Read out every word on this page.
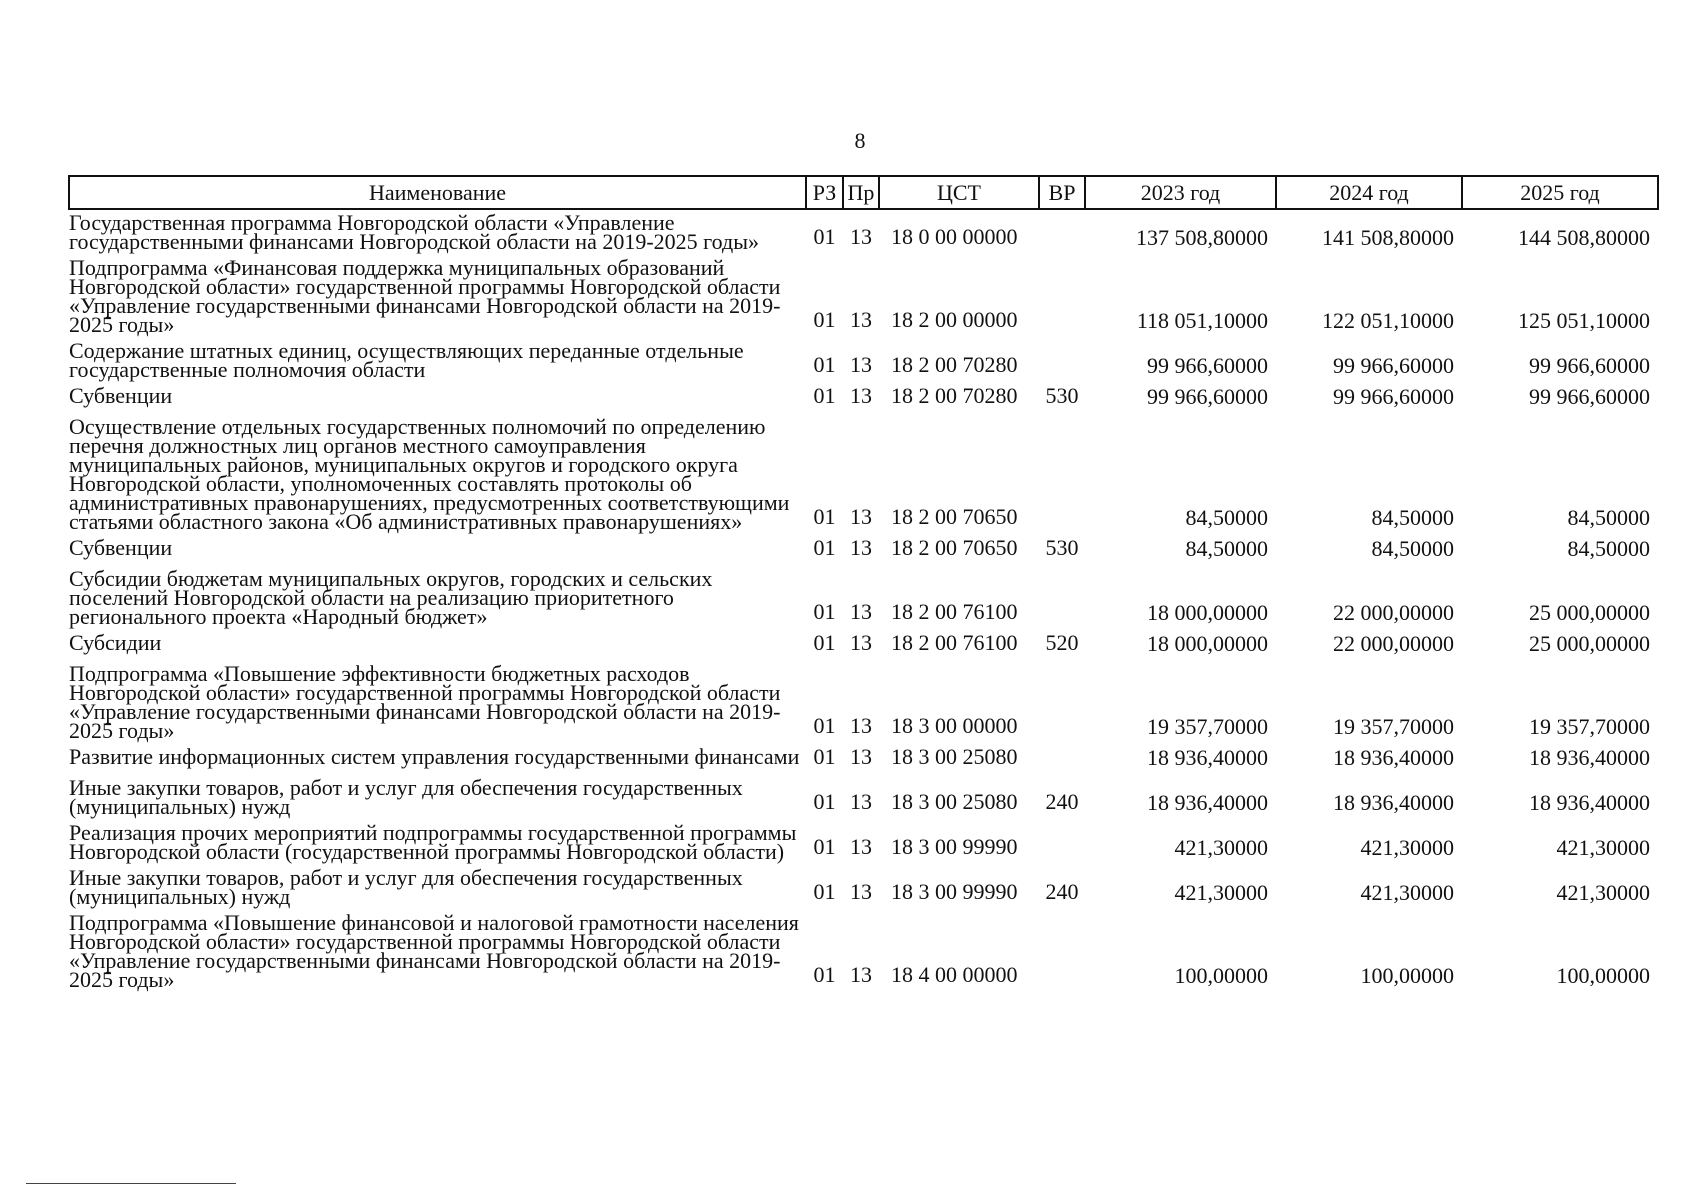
8
Наименование	РЗ	Пр	ЦСТ	ВР	2023 год	2024 год	2025 год
Государственная программа Новгородской области «Управление государственными финансами Новгородской области на 2019-2025 годы»	01	13	18 0 00 00000		137 508,80000	141 508,80000	144 508,80000
Подпрограмма «Финансовая поддержка муниципальных образований Новгородской области» государственной программы Новгородской области «Управление государственными финансами Новгородской области на 2019-2025 годы»	01	13	18 2 00 00000		118 051,10000	122 051,10000	125 051,10000
Содержание штатных единиц, осуществляющих переданные отдельные государственные полномочия области	01	13	18 2 00 70280		99 966,60000	99 966,60000	99 966,60000
Субвенции	01	13	18 2 00 70280	530	99 966,60000	99 966,60000	99 966,60000
Осуществление отдельных государственных полномочий по определению перечня должностных лиц органов местного самоуправления муниципальных районов, муниципальных округов и городского округа Новгородской области, уполномоченных составлять протоколы об административных правонарушениях, предусмотренных соответствующими статьями областного закона «Об административных правонарушениях»	01	13	18 2 00 70650		84,50000	84,50000	84,50000
Субвенции	01	13	18 2 00 70650	530	84,50000	84,50000	84,50000
Субсидии бюджетам муниципальных округов, городских и сельских поселений Новгородской области на реализацию приоритетного регионального проекта «Народный бюджет»	01	13	18 2 00 76100		18 000,00000	22 000,00000	25 000,00000
Субсидии	01	13	18 2 00 76100	520	18 000,00000	22 000,00000	25 000,00000
Подпрограмма «Повышение эффективности бюджетных расходов Новгородской области» государственной программы Новгородской области «Управление государственными финансами Новгородской области на 2019-2025 годы»	01	13	18 3 00 00000		19 357,70000	19 357,70000	19 357,70000
Развитие информационных систем управления государственными финансами	01	13	18 3 00 25080		18 936,40000	18 936,40000	18 936,40000
Иные закупки товаров, работ и услуг для обеспечения государственных (муниципальных) нужд	01	13	18 3 00 25080	240	18 936,40000	18 936,40000	18 936,40000
Реализация прочих мероприятий подпрограммы государственной программы Новгородской области (государственной программы Новгородской области)	01	13	18 3 00 99990		421,30000	421,30000	421,30000
Иные закупки товаров, работ и услуг для обеспечения государственных (муниципальных) нужд	01	13	18 3 00 99990	240	421,30000	421,30000	421,30000
Подпрограмма «Повышение финансовой и налоговой грамотности населения Новгородской области» государственной программы Новгородской области «Управление государственными финансами Новгородской области на 2019-2025 годы»	01	13	18 4 00 00000		100,00000	100,00000	100,00000
